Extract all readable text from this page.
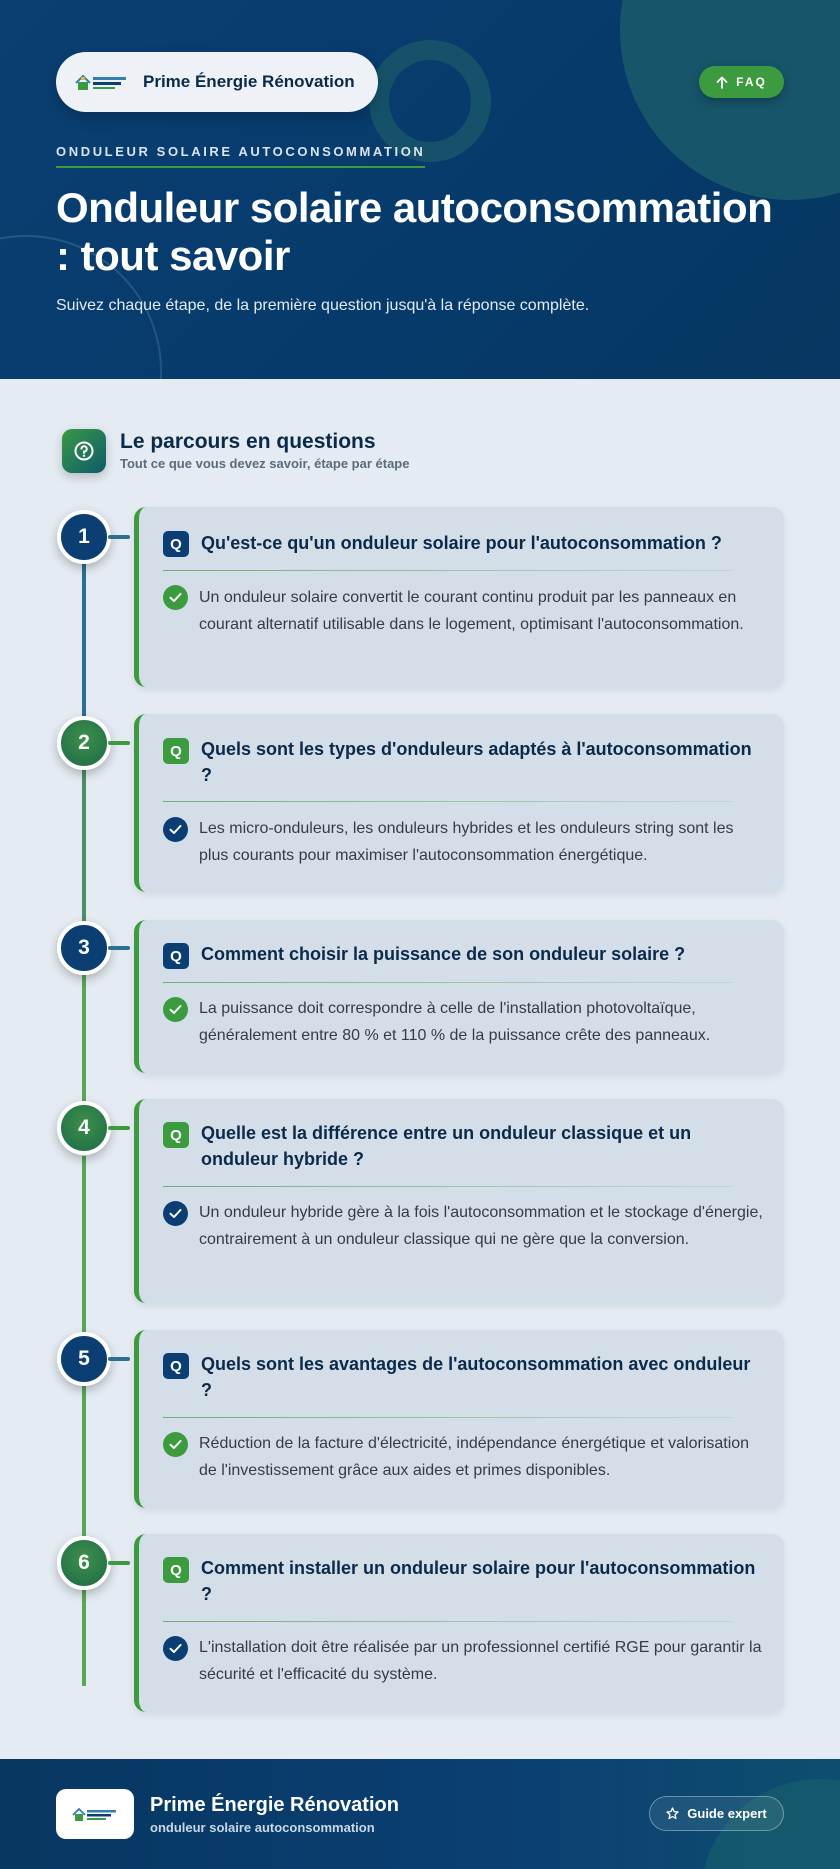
Prime Énergie Rénovation	FAQ
ONDULEUR SOLAIRE AUTOCONSOMMATION
Onduleur solaire autoconsommation : tout savoir

Suivez chaque étape, de la première question jusqu'à la réponse complète.

Le parcours en questions

Tout ce que vous devez savoir, étape par étape

1	Q	Qu'est-ce qu'un onduleur solaire pour l'autoconsommation ?
Un onduleur solaire convertit le courant continu produit par les panneaux en courant alternatif utilisable dans le logement, optimisant l'autoconsommation.
2	Q	Quels sont les types d'onduleurs adaptés à l'autoconsommation ?
Les micro-onduleurs, les onduleurs hybrides et les onduleurs string sont les plus courants pour maximiser l'autoconsommation énergétique.
3	Q	Comment choisir la puissance de son onduleur solaire ?
La puissance doit correspondre à celle de l'installation photovoltaïque, généralement entre 80 % et 110 % de la puissance crête des panneaux.
4	Q	Quelle est la différence entre un onduleur classique et un onduleur hybride ?
Un onduleur hybride gère à la fois l'autoconsommation et le stockage d'énergie, contrairement à un onduleur classique qui ne gère que la conversion.
5	Q	Quels sont les avantages de l'autoconsommation avec onduleur ?
Réduction de la facture d'électricité, indépendance énergétique et valorisation de l'investissement grâce aux aides et primes disponibles.
6	Q	Comment installer un onduleur solaire pour l'autoconsommation ?
L'installation doit être réalisée par un professionnel certifié RGE pour garantir la sécurité et l'efficacité du système.
Prime Énergie Rénovation
onduleur solaire autoconsommation
Guide expert
